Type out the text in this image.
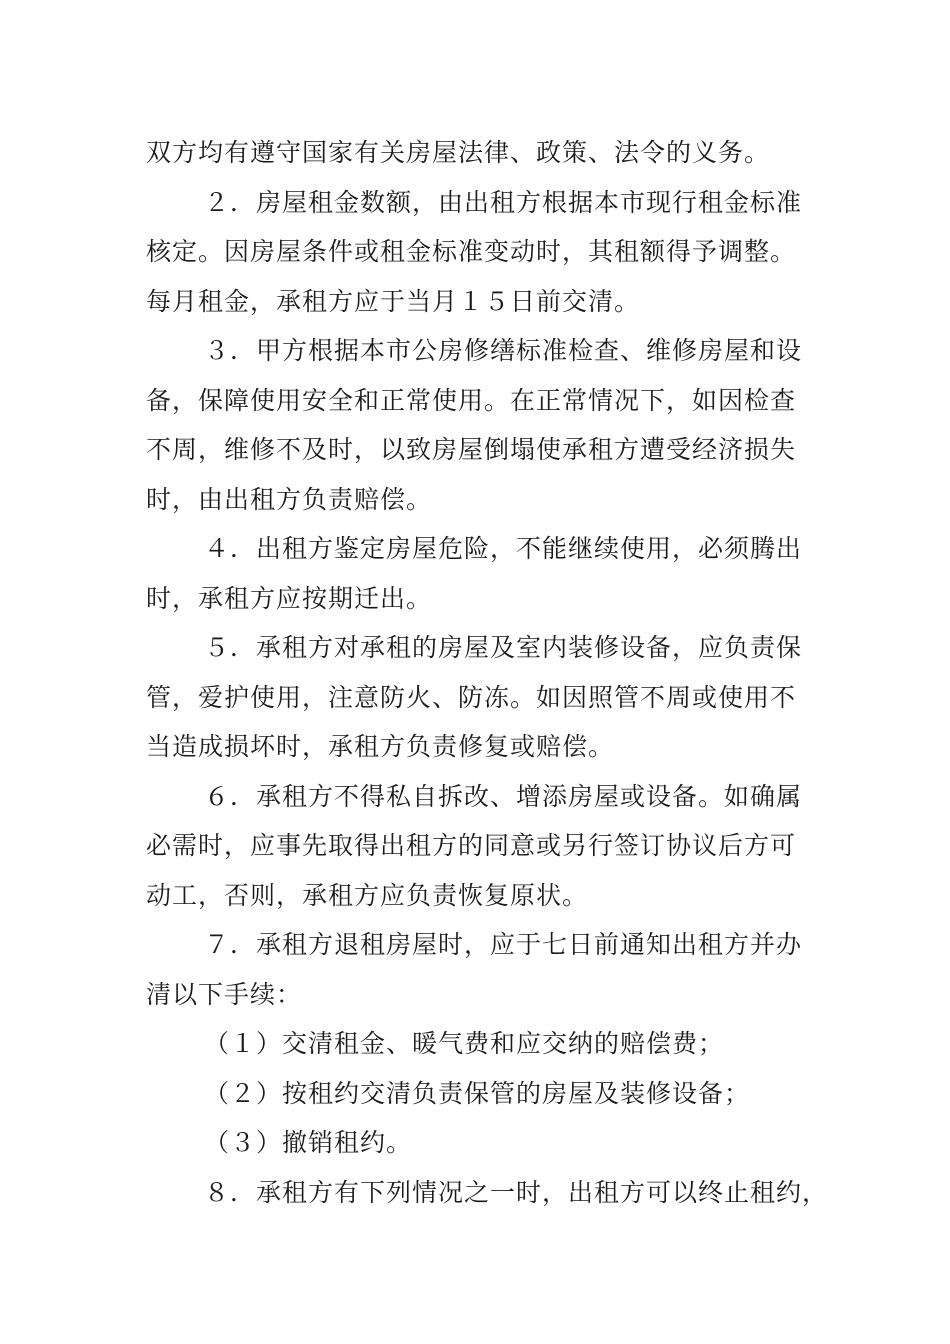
双方均有遵守国家有关房屋法律、政策、法令的义务。

２．房屋租金数额，由出租方根据本市现行租金标准

核定。因房屋条件或租金标准变动时，其租额得予调整。

每月租金，承租方应于当月１５日前交清。

３．甲方根据本市公房修缮标准检查、维修房屋和设

备，保障使用安全和正常使用。在正常情况下，如因检查

不周，维修不及时，以致房屋倒塌使承租方遭受经济损失

时，由出租方负责赔偿。

４．出租方鉴定房屋危险，不能继续使用，必须腾出

时，承租方应按期迁出。

５．承租方对承租的房屋及室内装修设备，应负责保

管，爱护使用，注意防火、防冻。如因照管不周或使用不

当造成损坏时，承租方负责修复或赔偿。

６．承租方不得私自拆改、增添房屋或设备。如确属

必需时，应事先取得出租方的同意或另行签订协议后方可

动工，否则，承租方应负责恢复原状。

７．承租方退租房屋时，应于七日前通知出租方并办

清以下手续：

（１）交清租金、暖气费和应交纳的赔偿费；

（２）按租约交清负责保管的房屋及装修设备；

（３）撤销租约。

８．承租方有下列情况之一时，出租方可以终止租约，
